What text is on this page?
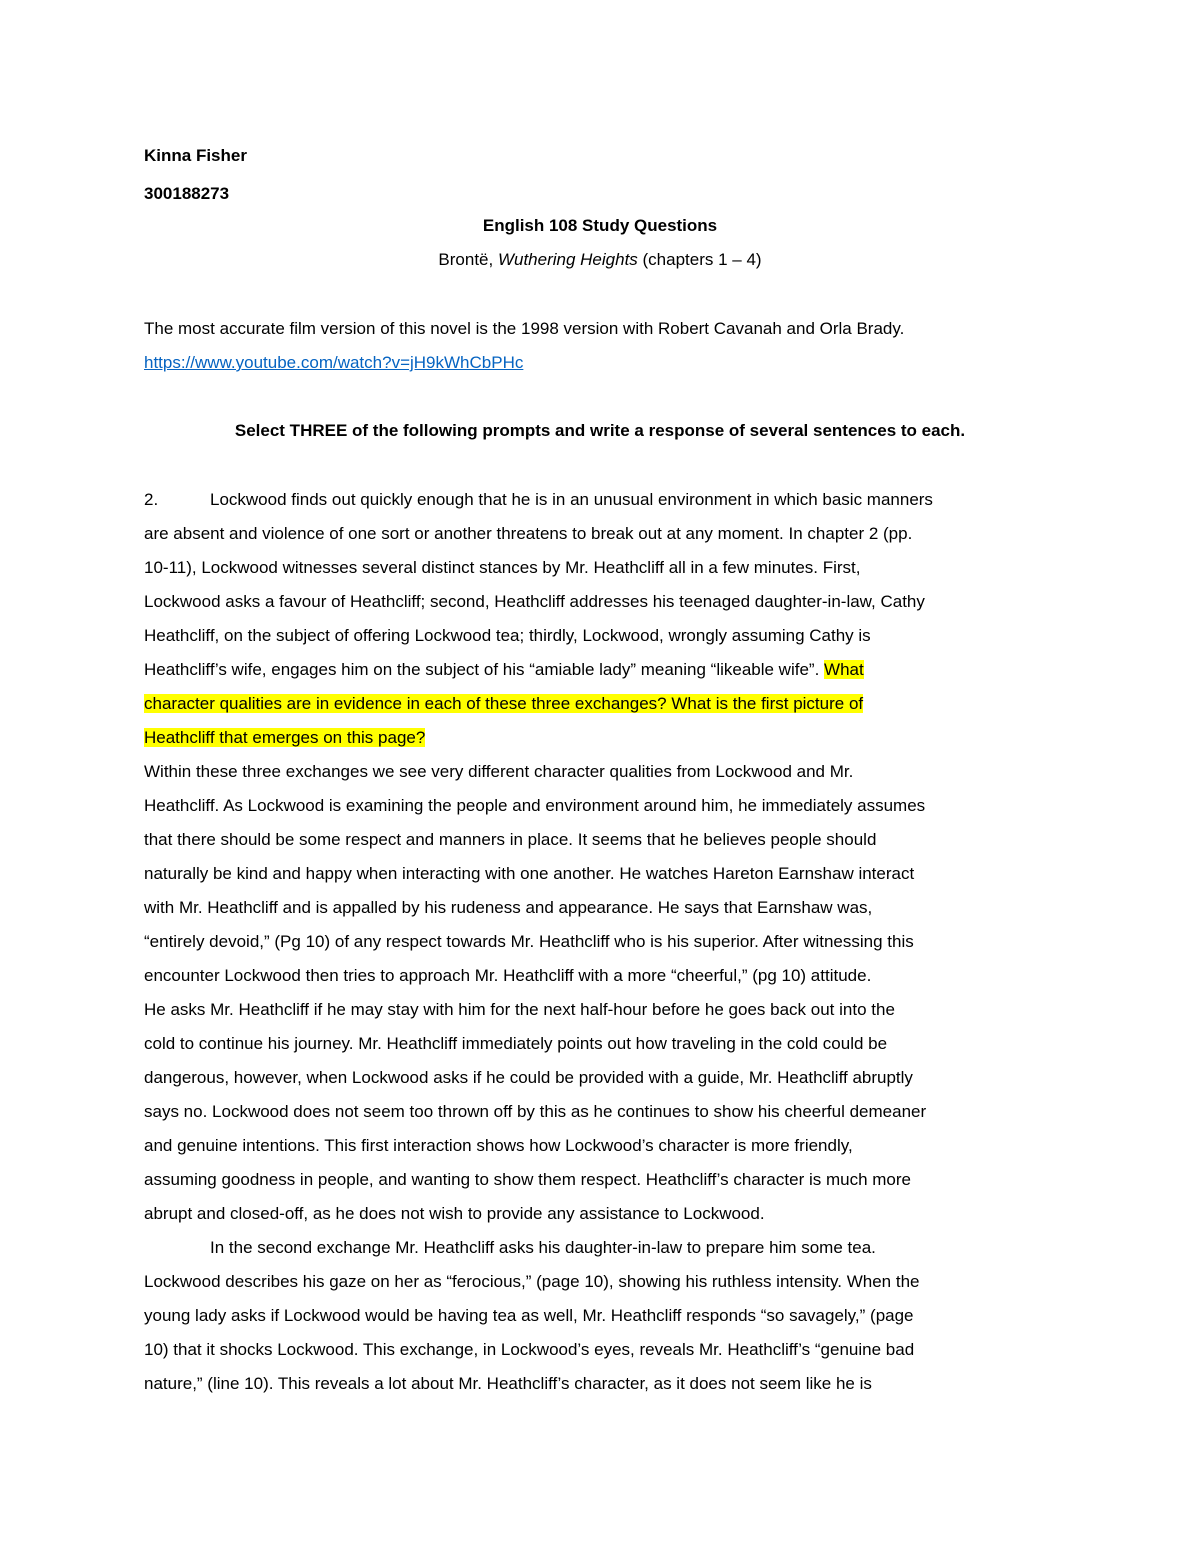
Kinna Fisher
300188273
English 108 Study Questions
Brontë, Wuthering Heights (chapters 1 – 4)
The most accurate film version of this novel is the 1998 version with Robert Cavanah and Orla Brady.
https://www.youtube.com/watch?v=jH9kWhCbPHc
Select THREE of the following prompts and write a response of several sentences to each.
2.	Lockwood finds out quickly enough that he is in an unusual environment in which basic manners
are absent and violence of one sort or another threatens to break out at any moment. In chapter 2 (pp.
10-11), Lockwood witnesses several distinct stances by Mr. Heathcliff all in a few minutes. First,
Lockwood asks a favour of Heathcliff; second, Heathcliff addresses his teenaged daughter-in-law, Cathy
Heathcliff, on the subject of offering Lockwood tea; thirdly, Lockwood, wrongly assuming Cathy is
Heathcliff’s wife, engages him on the subject of his “amiable lady” meaning “likeable wife”. What
character qualities are in evidence in each of these three exchanges? What is the first picture of
Heathcliff that emerges on this page?
Within these three exchanges we see very different character qualities from Lockwood and Mr.
Heathcliff. As Lockwood is examining the people and environment around him, he immediately assumes
that there should be some respect and manners in place. It seems that he believes people should
naturally be kind and happy when interacting with one another. He watches Hareton Earnshaw interact
with Mr. Heathcliff and is appalled by his rudeness and appearance. He says that Earnshaw was,
“entirely devoid,” (Pg 10) of any respect towards Mr. Heathcliff who is his superior. After witnessing this
encounter Lockwood then tries to approach Mr. Heathcliff with a more “cheerful,” (pg 10) attitude.
He asks Mr. Heathcliff if he may stay with him for the next half-hour before he goes back out into the
cold to continue his journey. Mr. Heathcliff immediately points out how traveling in the cold could be
dangerous, however, when Lockwood asks if he could be provided with a guide, Mr. Heathcliff abruptly
says no. Lockwood does not seem too thrown off by this as he continues to show his cheerful demeaner
and genuine intentions. This first interaction shows how Lockwood’s character is more friendly,
assuming goodness in people, and wanting to show them respect. Heathcliff’s character is much more
abrupt and closed-off, as he does not wish to provide any assistance to Lockwood.
In the second exchange Mr. Heathcliff asks his daughter-in-law to prepare him some tea.
Lockwood describes his gaze on her as “ferocious,” (page 10), showing his ruthless intensity. When the
young lady asks if Lockwood would be having tea as well, Mr. Heathcliff responds “so savagely,” (page
10) that it shocks Lockwood. This exchange, in Lockwood’s eyes, reveals Mr. Heathcliff’s “genuine bad
nature,” (line 10). This reveals a lot about Mr. Heathcliff’s character, as it does not seem like he is
